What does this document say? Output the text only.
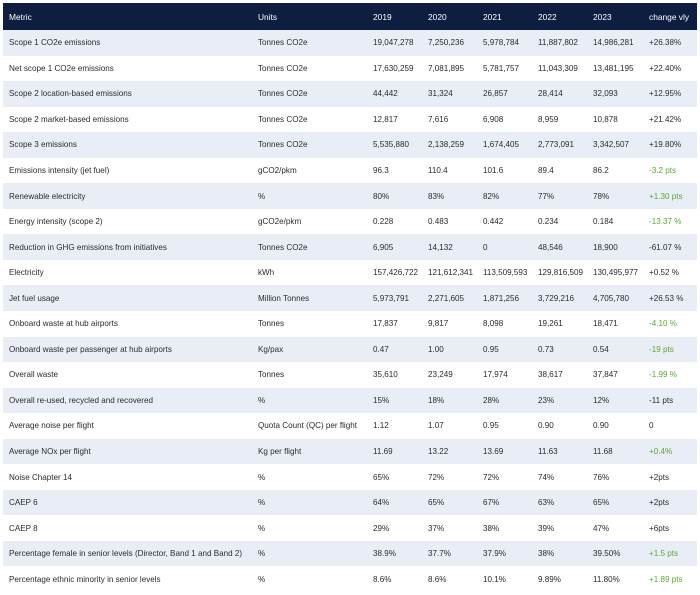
Metric	Units	2019	2020	2021	2022	2023	change vly
Scope 1 CO2e emissions	Tonnes CO2e	19,047,278	7,250,236	5,978,784	11,887,802	14,986,281	+26.38%
Net scope 1 CO2e emissions	Tonnes CO2e	17,630,259	7,081,895	5,781,757	11,043,309	13,481,195	+22.40%
Scope 2 location-based emissions	Tonnes CO2e	44,442	31,324	26,857	28,414	32,093	+12.95%
Scope 2 market-based emissions	Tonnes CO2e	12,817	7,616	6,908	8,959	10,878	+21.42%
Scope 3 emissions	Tonnes CO2e	5,535,880	2,138,259	1,674,405	2,773,091	3,342,507	+19.80%
Emissions intensity (jet fuel)	gCO2/pkm	96.3	110.4	101.6	89.4	86.2	-3.2 pts
Renewable electricity	%	80%	83%	82%	77%	78%	+1.30 pts
Energy intensity (scope 2)	gCO2e/pkm	0.228	0.483	0.442	0.234	0.184	-13.37 %
Reduction in GHG emissions from initiatives	Tonnes CO2e	6,905	14,132	0	48,546	18,900	-61.07 %
Electricity	kWh	157,426,722	121,612,341	113,509,593	129,816,509	130,495,977	+0.52 %
Jet fuel usage	Million Tonnes	5,973,791	2,271,605	1,871,256	3,729,216	4,705,780	+26.53 %
Onboard waste at hub airports	Tonnes	17,837	9,817	8,098	19,261	18,471	-4.10 %
Onboard waste per passenger at hub airports	Kg/pax	0.47	1.00	0.95	0.73	0.54	-19 pts
Overall waste	Tonnes	35,610	23,249	17,974	38,617	37,847	-1.99 %
Overall re-used, recycled and recovered	%	15%	18%	28%	23%	12%	-11 pts
Average noise per flight	Quota Count (QC) per flight	1.12	1.07	0.95	0.90	0.90	0
Average NOx per flight	Kg per flight	11.69	13.22	13.69	11.63	11.68	+0.4%
Noise Chapter 14	%	65%	72%	72%	74%	76%	+2pts
CAEP 6	%	64%	65%	67%	63%	65%	+2pts
CAEP 8	%	29%	37%	38%	39%	47%	+6pts
Percentage female in senior levels (Director, Band 1 and Band 2)	%	38.9%	37.7%	37.9%	38%	39.50%	+1.5 pts
Percentage ethnic minority in senior levels	%	8.6%	8.6%	10.1%	9.89%	11.80%	+1.89 pts
